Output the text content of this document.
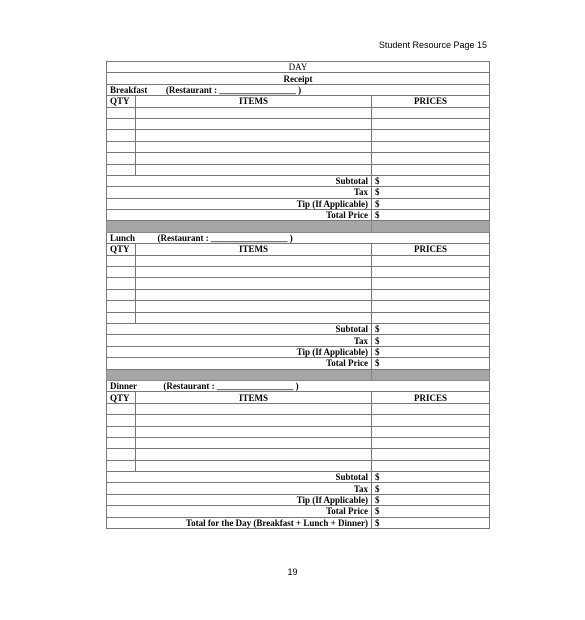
Student Resource Page 15
DAY		
Receipt		
Breakfast (Restaurant : _________________ )		
QTY	ITEMS	PRICES

Subtotal		$
Tax		$
Tip (If Applicable)		$
Total Price		$

Lunch (Restaurant : _________________ )		
QTY	ITEMS	PRICES

Subtotal		$
Tax		$
Tip (If Applicable)		$
Total Price		$

Dinner (Restaurant : _________________ )		
QTY	ITEMS	PRICES

Subtotal		$
Tax		$
Tip (If Applicable)		$
Total Price		$
Total for the Day (Breakfast + Lunch + Dinner)		$
19
